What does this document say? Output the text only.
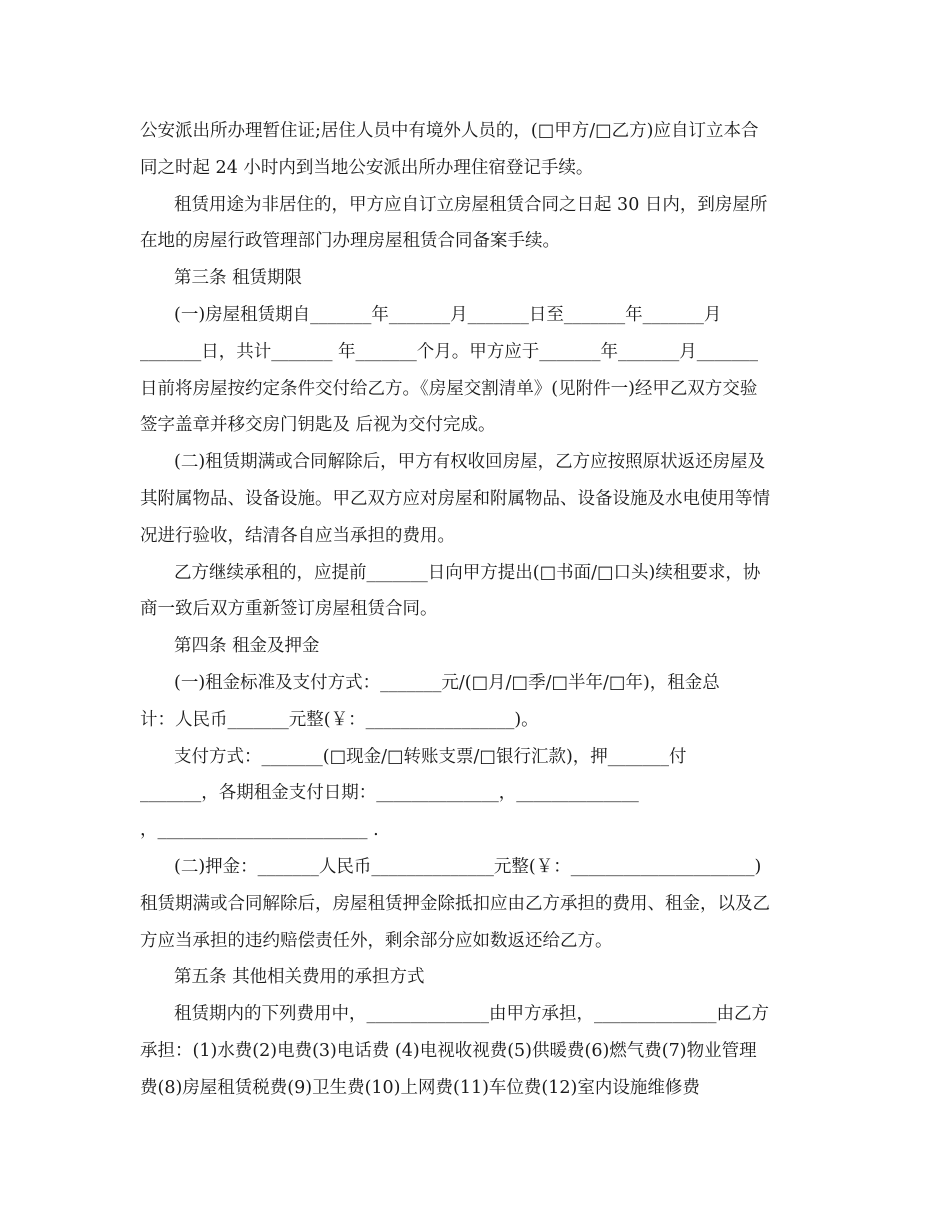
公安派出所办理暂住证;居住人员中有境外人员的，(□甲方/□乙方)应自订立本合

同之时起 24 小时内到当地公安派出所办理住宿登记手续。

租赁用途为非居住的，甲方应自订立房屋租赁合同之日起 30 日内，到房屋所

在地的房屋行政管理部门办理房屋租赁合同备案手续。

第三条 租赁期限

(一)房屋租赁期自_______年_______月_______日至_______年_______月

_______日，共计_______ 年_______个月。甲方应于_______年_______月_______

日前将房屋按约定条件交付给乙方。《房屋交割清单》(见附件一)经甲乙双方交验

签字盖章并移交房门钥匙及 后视为交付完成。

(二)租赁期满或合同解除后，甲方有权收回房屋，乙方应按照原状返还房屋及

其附属物品、设备设施。甲乙双方应对房屋和附属物品、设备设施及水电使用等情

况进行验收，结清各自应当承担的费用。

乙方继续承租的，应提前_______日向甲方提出(□书面/□口头)续租要求，协

商一致后双方重新签订房屋租赁合同。

第四条 租金及押金

(一)租金标准及支付方式：_______元/(□月/□季/□半年/□年)，租金总

计：人民币_______元整(￥：_________________)。

支付方式：_______(□现金/□转账支票/□银行汇款)，押_______付

_______，各期租金支付日期：______________，______________

，________________________ .

(二)押金：_______人民币______________元整(￥：_____________________)

租赁期满或合同解除后，房屋租赁押金除抵扣应由乙方承担的费用、租金，以及乙

方应当承担的违约赔偿责任外，剩余部分应如数返还给乙方。

第五条 其他相关费用的承担方式

租赁期内的下列费用中，______________由甲方承担，______________由乙方

承担：(1)水费(2)电费(3)电话费 (4)电视收视费(5)供暖费(6)燃气费(7)物业管理

费(8)房屋租赁税费(9)卫生费(10)上网费(11)车位费(12)室内设施维修费
